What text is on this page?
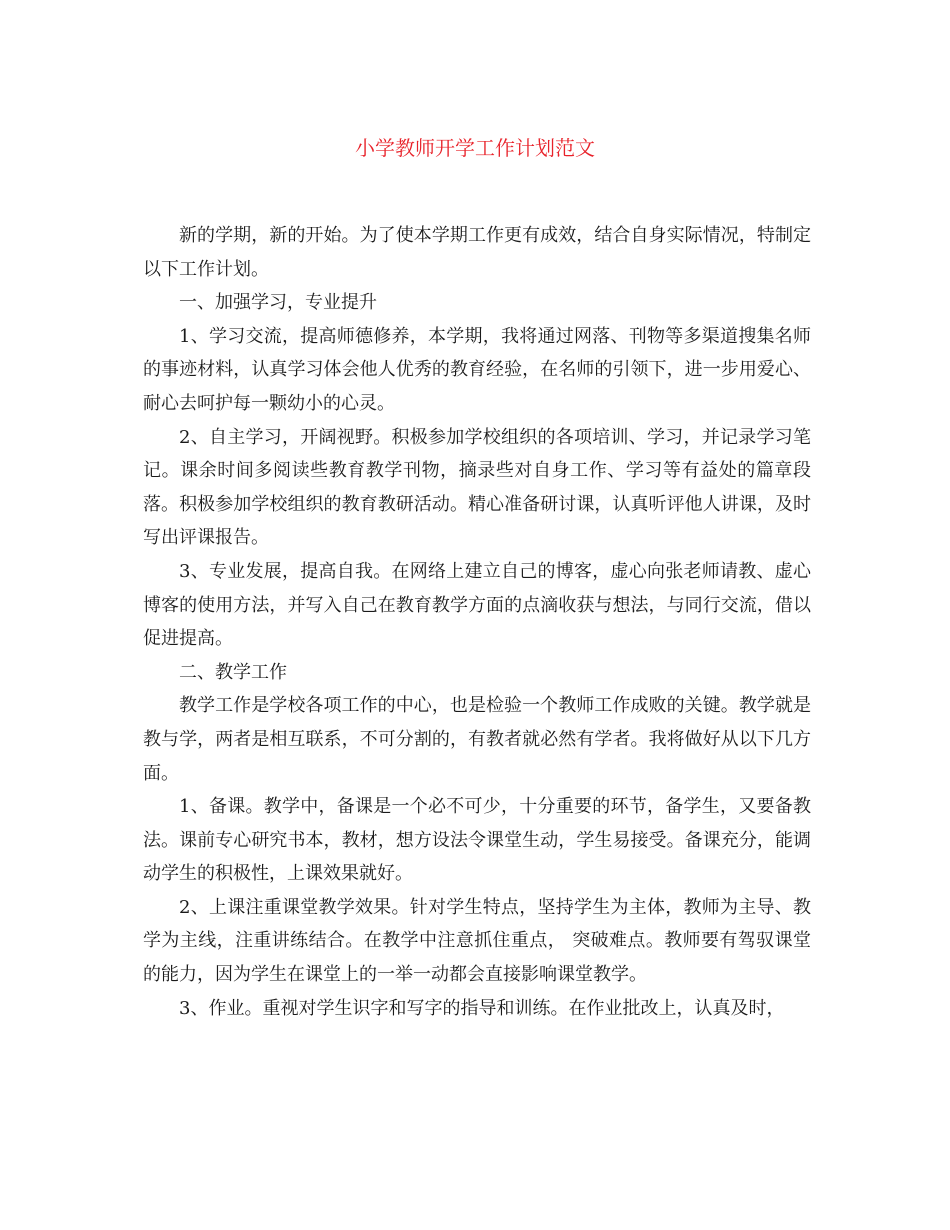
小学教师开学工作计划范文

新的学期，新的开始。为了使本学期工作更有成效，结合自身实际情况，特制定以下工作计划。

一、加强学习，专业提升

1、学习交流，提高师德修养，本学期，我将通过网落、刊物等多渠道搜集名师的事迹材料，认真学习体会他人优秀的教育经验，在名师的引领下，进一步用爱心、耐心去呵护每一颗幼小的心灵。

2、自主学习，开阔视野。积极参加学校组织的各项培训、学习，并记录学习笔记。课余时间多阅读些教育教学刊物，摘录些对自身工作、学习等有益处的篇章段落。积极参加学校组织的教育教研活动。精心准备研讨课，认真听评他人讲课，及时写出评课报告。

3、专业发展，提高自我。在网络上建立自己的博客，虚心向张老师请教、虚心博客的使用方法，并写入自己在教育教学方面的点滴收获与想法，与同行交流，借以促进提高。

二、教学工作

教学工作是学校各项工作的中心，也是检验一个教师工作成败的关键。教学就是教与学，两者是相互联系，不可分割的，有教者就必然有学者。我将做好从以下几方面。

1、备课。教学中，备课是一个必不可少，十分重要的环节，备学生，又要备教法。课前专心研究书本，教材，想方设法令课堂生动，学生易接受。备课充分，能调动学生的积极性，上课效果就好。

2、上课注重课堂教学效果。针对学生特点，坚持学生为主体，教师为主导、教学为主线，注重讲练结合。在教学中注意抓住重点， 突破难点。教师要有驾驭课堂的能力，因为学生在课堂上的一举一动都会直接影响课堂教学。

3、作业。重视对学生识字和写字的指导和训练。在作业批改上，认真及时，
